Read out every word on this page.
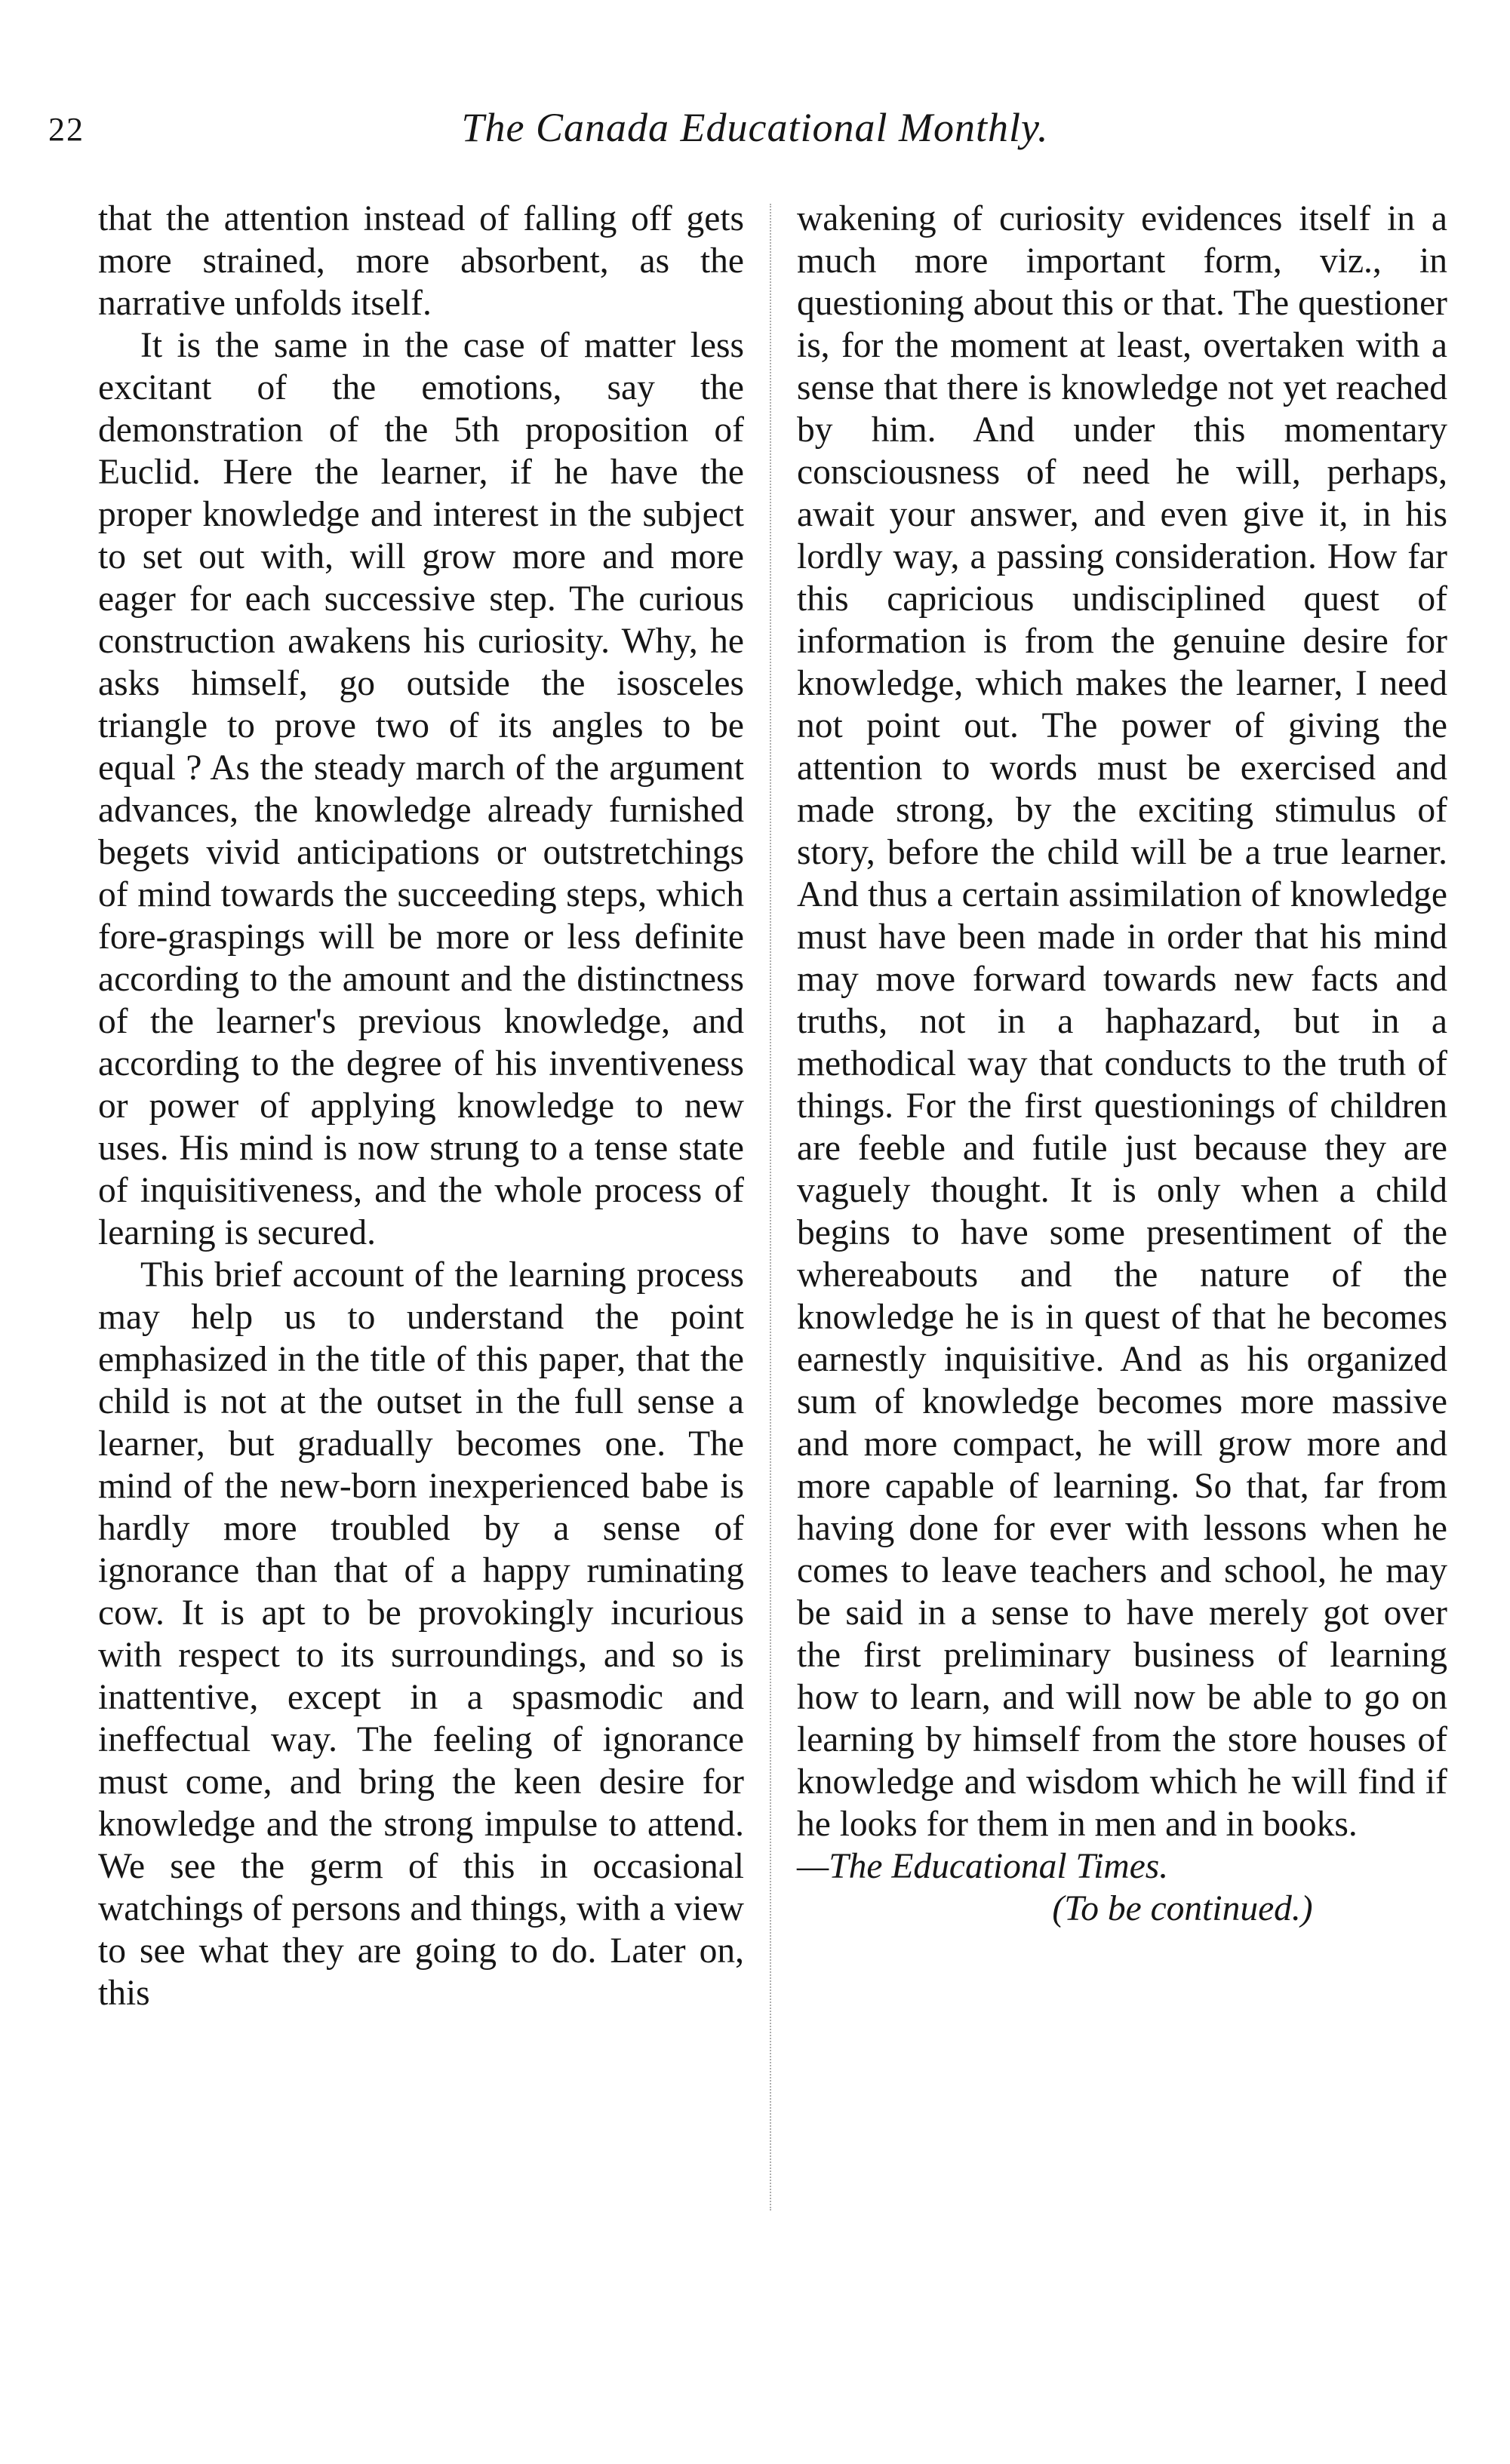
22	The Canada Educational Monthly.

that the attention instead of falling off gets more strained, more absorbent, as the narrative unfolds itself.

It is the same in the case of matter less excitant of the emotions, say the demonstration of the 5th proposition of Euclid. Here the learner, if he have the proper knowledge and interest in the subject to set out with, will grow more and more eager for each successive step. The curious construction awakens his curiosity. Why, he asks himself, go outside the isosceles triangle to prove two of its angles to be equal ? As the steady march of the argument advances, the knowledge already furnished begets vivid anticipations or outstretchings of mind towards the succeeding steps, which fore-graspings will be more or less definite according to the amount and the distinctness of the learner's previous knowledge, and according to the degree of his inventiveness or power of applying knowledge to new uses. His mind is now strung to a tense state of inquisitiveness, and the whole process of learning is secured.

This brief account of the learning process may help us to understand the point emphasized in the title of this paper, that the child is not at the outset in the full sense a learner, but gradually becomes one. The mind of the new-born inexperienced babe is hardly more troubled by a sense of ignorance than that of a happy ruminating cow. It is apt to be provokingly incurious with respect to its surroundings, and so is inattentive, except in a spasmodic and ineffectual way. The feeling of ignorance must come, and bring the keen desire for knowledge and the strong impulse to attend. We see the germ of this in occasional watchings of persons and things, with a view to see what they are going to do. Later on, this

wakening of curiosity evidences itself in a much more important form, viz., in questioning about this or that. The questioner is, for the moment at least, overtaken with a sense that there is knowledge not yet reached by him. And under this momentary consciousness of need he will, perhaps, await your answer, and even give it, in his lordly way, a passing consideration. How far this capricious undisciplined quest of information is from the genuine desire for knowledge, which makes the learner, I need not point out. The power of giving the attention to words must be exercised and made strong, by the exciting stimulus of story, before the child will be a true learner. And thus a certain assimilation of knowledge must have been made in order that his mind may move forward towards new facts and truths, not in a haphazard, but in a methodical way that conducts to the truth of things. For the first questionings of children are feeble and futile just because they are vaguely thought. It is only when a child begins to have some presentiment of the whereabouts and the nature of the knowledge he is in quest of that he becomes earnestly inquisitive. And as his organized sum of knowledge becomes more massive and more compact, he will grow more and more capable of learning. So that, far from having done for ever with lessons when he comes to leave teachers and school, he may be said in a sense to have merely got over the first preliminary business of learning how to learn, and will now be able to go on learning by himself from the store houses of knowledge and wisdom which he will find if he looks for them in men and in books.

—The Educational Times.

(To be continued.)
